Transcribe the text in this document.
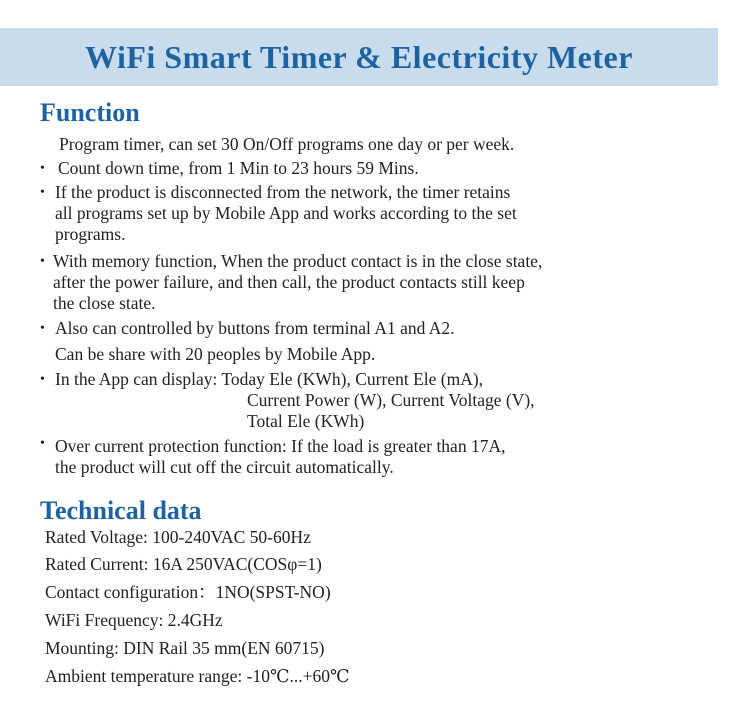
WiFi Smart Timer & Electricity Meter
Function
Program timer, can set 30 On/Off programs one day or per week.
• Count down time, from 1 Min to 23 hours 59 Mins.
• If the product is disconnected from the network, the timer retains
all programs set up by Mobile App and works according to the set
programs.
• With memory function, When the product contact is in the close state,
after the power failure, and then call, the product contacts still keep
the close state.
• Also can controlled by buttons from terminal A1 and A2.
Can be share with 20 peoples by Mobile App.
• In the App can display: Today Ele (KWh), Current Ele (mA),
Current Power (W), Current Voltage (V),
Total Ele (KWh)
• Over current protection function: If the load is greater than 17A,
the product will cut off the circuit automatically.
Technical data
Rated Voltage: 100-240VAC 50-60Hz
Rated Current: 16A 250VAC(COSφ=1)
Contact configuration：1NO(SPST-NO)
WiFi Frequency: 2.4GHz
Mounting: DIN Rail 35 mm(EN 60715)
Ambient temperature range: -10℃...+60℃
